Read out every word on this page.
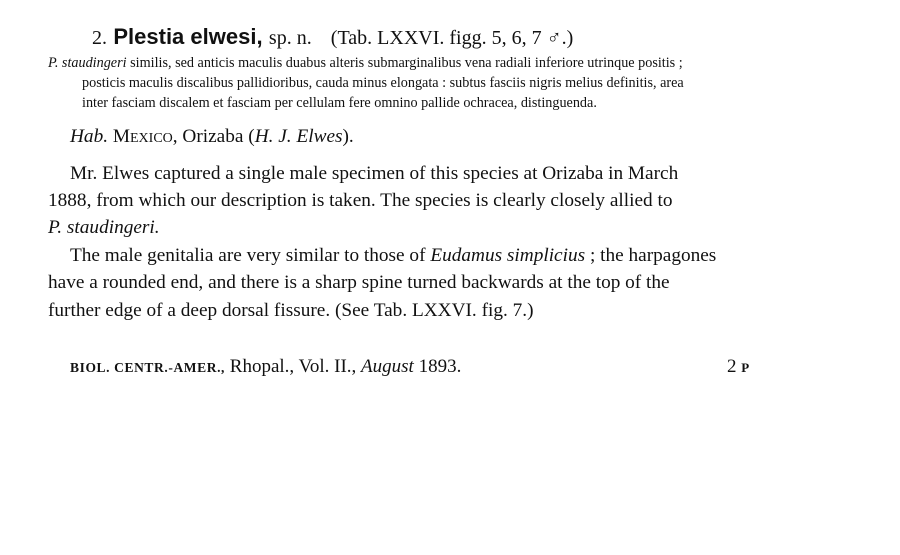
2. Plestia elwesi, sp. n. (Tab. LXXVI. figg. 5, 6, 7 ♂.)
P. staudingeri similis, sed anticis maculis duabus alteris submarginalibus vena radiali inferiore utrinque positis ;
posticis maculis discalibus pallidioribus, cauda minus elongata : subtus fasciis nigris melius definitis, area
inter fasciam discalem et fasciam per cellulam fere omnino pallide ochracea, distinguenda.
Hab. Mexico, Orizaba (H. J. Elwes).
Mr. Elwes captured a single male specimen of this species at Orizaba in March
1888, from which our description is taken. The species is clearly closely allied to
P. staudingeri.
The male genitalia are very similar to those of Eudamus simplicius ; the harpagones
have a rounded end, and there is a sharp spine turned backwards at the top of the
further edge of a deep dorsal fissure. (See Tab. LXXVI. fig. 7.)
BIOL. CENTR.-AMER., Rhopal., Vol. II., August 1893.	2 P
